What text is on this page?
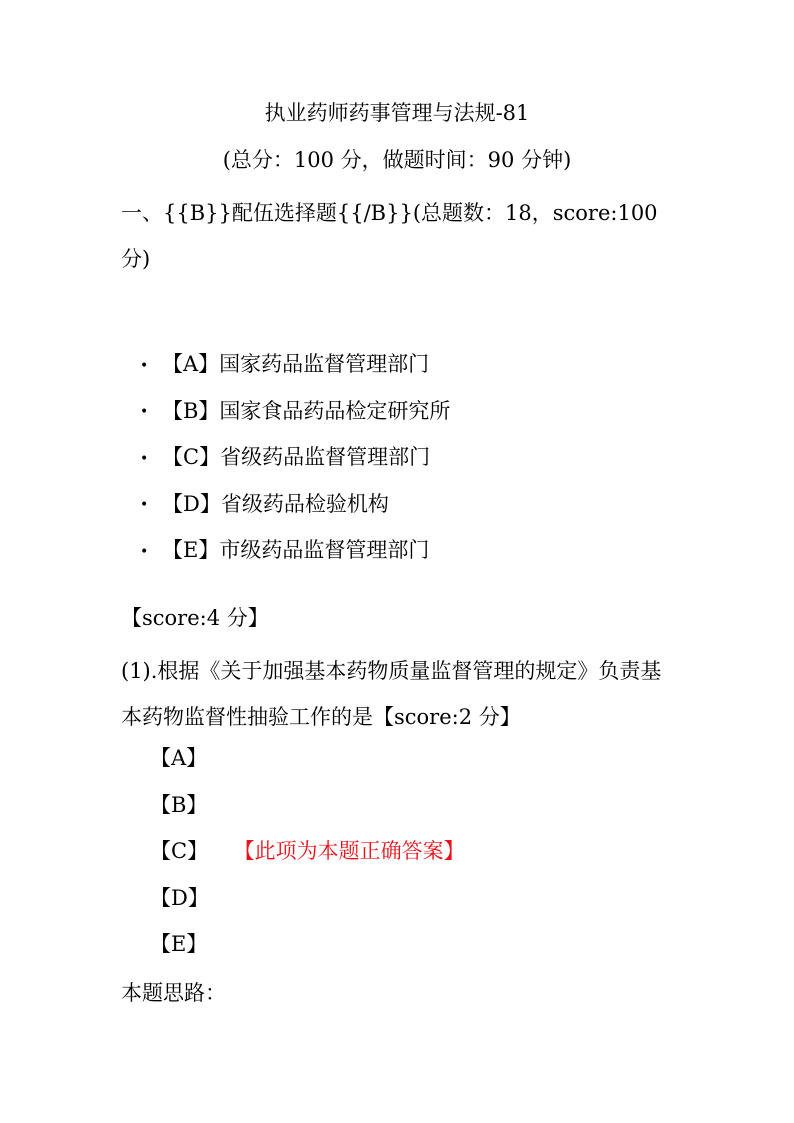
执业药师药事管理与法规-81
(总分：100 分，做题时间：90 分钟)
一、{{B}}配伍选择题{{/B}}(总题数：18，score:100 分)
• 【A】国家药品监督管理部门
• 【B】国家食品药品检定研究所
• 【C】省级药品监督管理部门
• 【D】省级药品检验机构
• 【E】市级药品监督管理部门
【score:4 分】
(1).根据《关于加强基本药物质量监督管理的规定》负责基本药物监督性抽验工作的是【score:2 分】
【A】
【B】
【C】 【此项为本题正确答案】
【D】
【E】
本题思路：
